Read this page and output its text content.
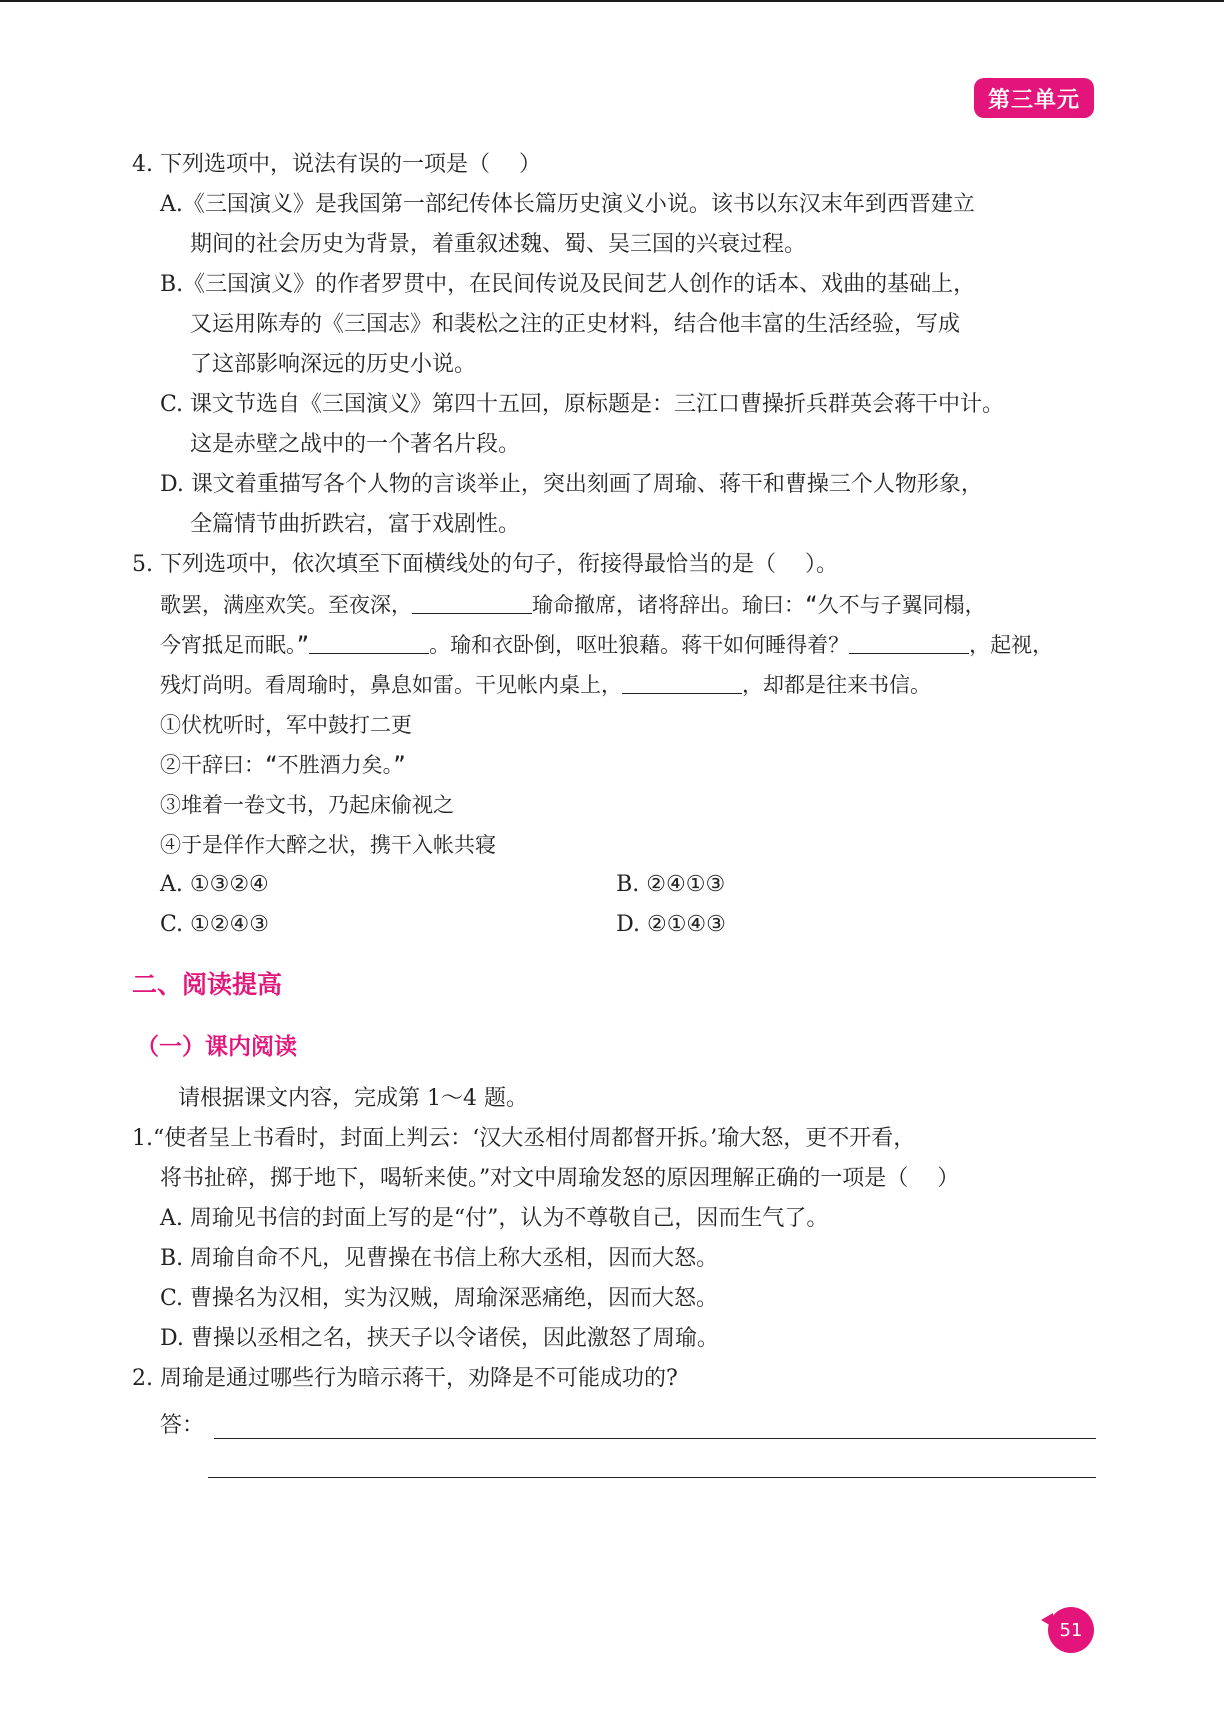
第三单元
4. 下列选项中，说法有误的一项是（　 ）
A.《三国演义》是我国第一部纪传体长篇历史演义小说。该书以东汉末年到西晋建立
期间的社会历史为背景，着重叙述魏、蜀、吴三国的兴衰过程。
B.《三国演义》的作者罗贯中，在民间传说及民间艺人创作的话本、戏曲的基础上，
又运用陈寿的《三国志》和裴松之注的正史材料，结合他丰富的生活经验，写成
了这部影响深远的历史小说。
C. 课文节选自《三国演义》第四十五回，原标题是：三江口曹操折兵群英会蒋干中计。
这是赤壁之战中的一个著名片段。
D. 课文着重描写各个人物的言谈举止，突出刻画了周瑜、蒋干和曹操三个人物形象，
全篇情节曲折跌宕，富于戏剧性。
5. 下列选项中，依次填至下面横线处的句子，衔接得最恰当的是（　 ）。
歌罢，满座欢笑。至夜深，	瑜命撤席，诸将辞出。瑜曰：“久不与子翼同榻，
今宵抵足而眠。”	。瑜和衣卧倒，呕吐狼藉。蒋干如何睡得着？	，起视，
残灯尚明。看周瑜时，鼻息如雷。干见帐内桌上，	，却都是往来书信。
①伏枕听时，军中鼓打二更
②干辞曰：“不胜酒力矣。”
③堆着一卷文书，乃起床偷视之
④于是佯作大醉之状，携干入帐共寝
A. ①③②④	B. ②④①③
C. ①②④③	D. ②①④③
二、阅读提高
（一）课内阅读
请根据课文内容，完成第 1～4 题。
1.“使者呈上书看时，封面上判云：‘汉大丞相付周都督开拆。’瑜大怒，更不开看，
将书扯碎，掷于地下，喝斩来使。”对文中周瑜发怒的原因理解正确的一项是（　 ）
A. 周瑜见书信的封面上写的是“付”，认为不尊敬自己，因而生气了。
B. 周瑜自命不凡，见曹操在书信上称大丞相，因而大怒。
C. 曹操名为汉相，实为汉贼，周瑜深恶痛绝，因而大怒。
D. 曹操以丞相之名，挟天子以令诸侯，因此激怒了周瑜。
2. 周瑜是通过哪些行为暗示蒋干，劝降是不可能成功的?
答：
51
